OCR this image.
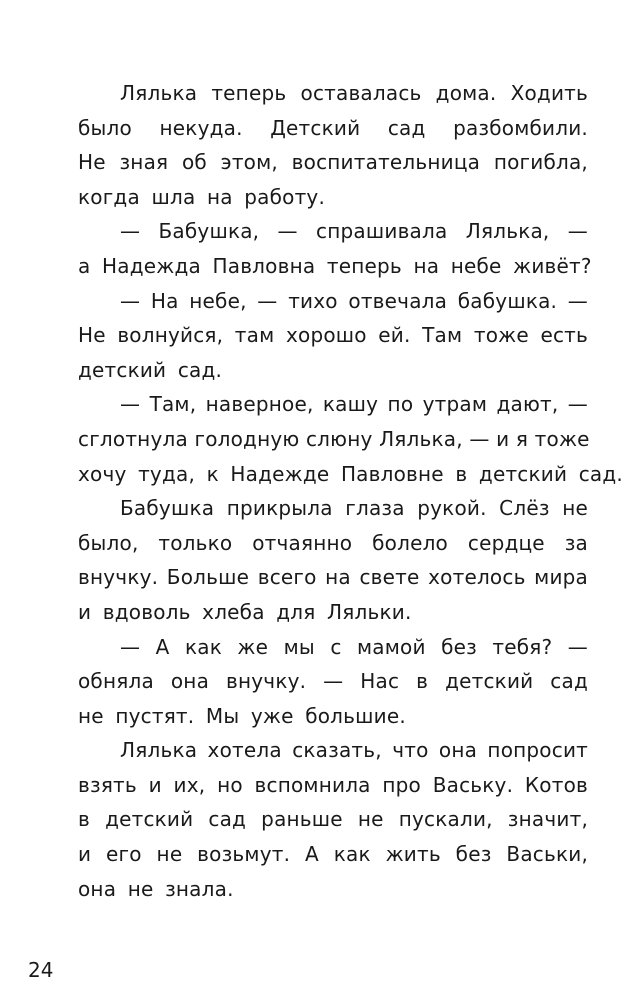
Лялька теперь оставалась дома. Ходить
было некуда. Детский сад разбомбили.
Не зная об этом, воспитательница погибла,
когда шла на работу.
— Бабушка, — спрашивала Лялька, —
а Надежда Павловна теперь на небе живёт?
— На небе, — тихо отвечала бабушка. —
Не волнуйся, там хорошо ей. Там тоже есть
детский сад.
— Там, наверное, кашу по утрам дают, —
сглотнула голодную слюну Лялька, — и я тоже
хочу туда, к Надежде Павловне в детский сад.
Бабушка прикрыла глаза рукой. Слёз не
было, только отчаянно болело сердце за
внучку. Больше всего на свете хотелось мира
и вдоволь хлеба для Ляльки.
— А как же мы с мамой без тебя? —
обняла она внучку. — Нас в детский сад
не пустят. Мы уже большие.
Лялька хотела сказать, что она попросит
взять и их, но вспомнила про Ваську. Котов
в детский сад раньше не пускали, значит,
и его не возьмут. А как жить без Васьки,
она не знала.
24
